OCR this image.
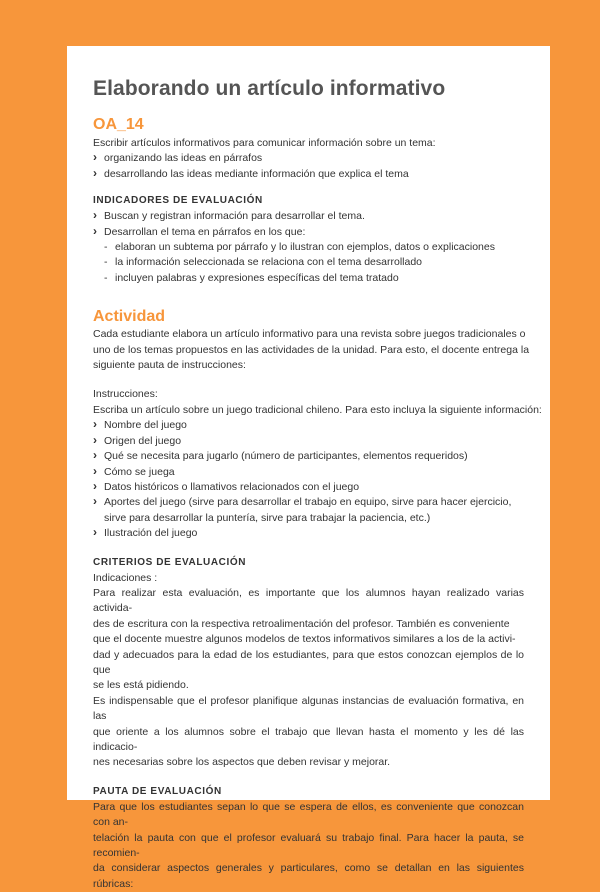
Elaborando un artículo informativo
OA_14

Escribir artículos informativos para comunicar información sobre un tema:

› organizando las ideas en párrafos

› desarrollando las ideas mediante información que explica el tema

INDICADORES DE EVALUACIÓN

› Buscan y registran información para desarrollar el tema.

› Desarrollan el tema en párrafos en los que:

- elaboran un subtema por párrafo y lo ilustran con ejemplos, datos o explicaciones

- la información seleccionada se relaciona con el tema desarrollado

- incluyen palabras y expresiones específicas del tema tratado

Actividad

Cada estudiante elabora un artículo informativo para una revista sobre juegos tradicionales o

uno de los temas propuestos en las actividades de la unidad. Para esto, el docente entrega la

siguiente pauta de instrucciones:

Instrucciones:

Escriba un artículo sobre un juego tradicional chileno. Para esto incluya la siguiente información:

› Nombre del juego

› Origen del juego

› Qué se necesita para jugarlo (número de participantes, elementos requeridos)

› Cómo se juega

› Datos históricos o llamativos relacionados con el juego

› Aportes del juego (sirve para desarrollar el trabajo en equipo, sirve para hacer ejercicio,

sirve para desarrollar la puntería, sirve para trabajar la paciencia, etc.)

› Ilustración del juego

CRITERIOS DE EVALUACIÓN
Indicaciones :

Para realizar esta evaluación, es importante que los alumnos hayan realizado varias activida-

des de escritura con la respectiva retroalimentación del profesor. También es conveniente

que el docente muestre algunos modelos de textos informativos similares a los de la activi-

dad y adecuados para la edad de los estudiantes, para que estos conozcan ejemplos de lo que

se les está pidiendo.

Es indispensable que el profesor planifique algunas instancias de evaluación formativa, en las

que oriente a los alumnos sobre el trabajo que llevan hasta el momento y les dé las indicacio-

nes necesarias sobre los aspectos que deben revisar y mejorar.

PAUTA DE EVALUACIÓN

Para que los estudiantes sepan lo que se espera de ellos, es conveniente que conozcan con an-

telación la pauta con que el profesor evaluará su trabajo final. Para hacer la pauta, se recomien-

da considerar aspectos generales y particulares, como se detallan en las siguientes rúbricas:
